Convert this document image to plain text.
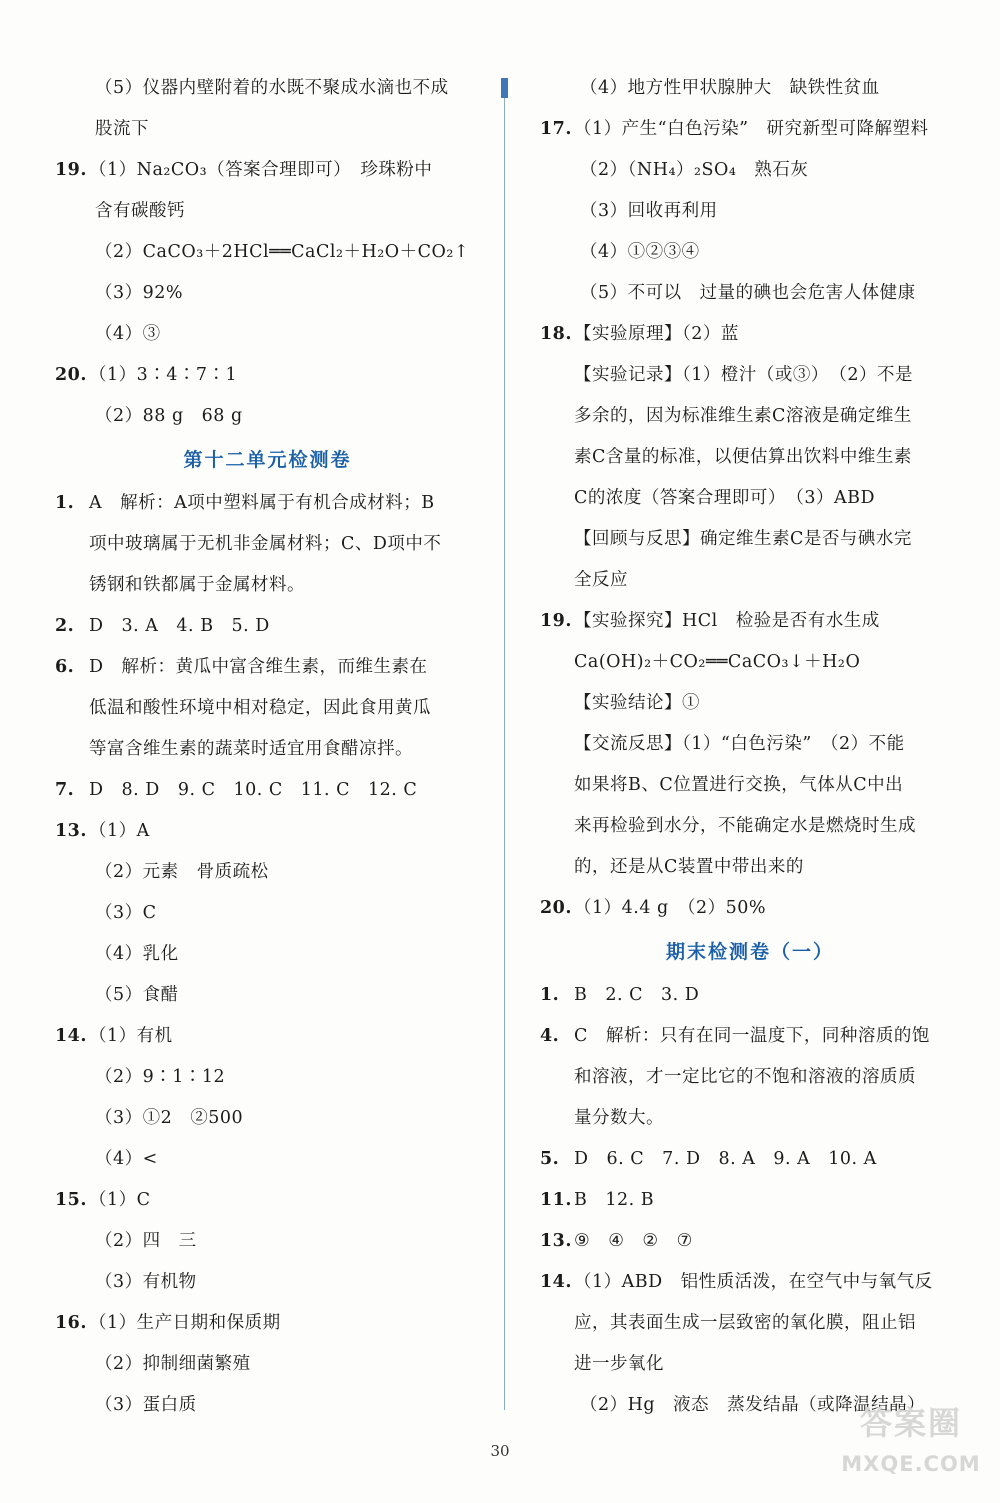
（5）仪器内壁附着的水既不聚成水滴也不成
股流下
19. （1）Na₂CO₃（答案合理即可）　珍珠粉中
含有碳酸钙
（2）CaCO₃＋2HCl══CaCl₂＋H₂O＋CO₂↑
（3）92%
（4）③
20. （1）3∶4∶7∶1
（2）88 g　68 g
第十二单元检测卷
1. A　解析：A项中塑料属于有机合成材料；B
项中玻璃属于无机非金属材料；C、D项中不
锈钢和铁都属于金属材料。
2. D　3. A　4. B　5. D
6. D　解析：黄瓜中富含维生素，而维生素在
低温和酸性环境中相对稳定，因此食用黄瓜
等富含维生素的蔬菜时适宜用食醋凉拌。
7. D　8. D　9. C　10. C　11. C　12. C
13. （1）A
（2）元素　骨质疏松
（3）C
（4）乳化
（5）食醋
14. （1）有机
（2）9∶1∶12
（3）①2　②500
（4）<
15. （1）C
（2）四　三
（3）有机物
16. （1）生产日期和保质期
（2）抑制细菌繁殖
（3）蛋白质
（4）地方性甲状腺肿大　缺铁性贫血
17. （1）产生“白色污染”　研究新型可降解塑料
（2）（NH₄）₂SO₄　熟石灰
（3）回收再利用
（4）①②③④
（5）不可以　过量的碘也会危害人体健康
18. 【实验原理】（2）蓝
【实验记录】（1）橙汁（或③）　（2）不是
多余的，因为标准维生素C溶液是确定维生
素C含量的标准，以便估算出饮料中维生素
C的浓度（答案合理即可）　（3）ABD
【回顾与反思】确定维生素C是否与碘水完
全反应
19. 【实验探究】HCl　检验是否有水生成
Ca(OH)₂＋CO₂══CaCO₃↓＋H₂O
【实验结论】①
【交流反思】（1）“白色污染”　（2）不能
如果将B、C位置进行交换，气体从C中出
来再检验到水分，不能确定水是燃烧时生成
的，还是从C装置中带出来的
20. （1）4.4 g　（2）50%
期末检测卷（一）
1. B　2. C　3. D
4. C　解析：只有在同一温度下，同种溶质的饱
和溶液，才一定比它的不饱和溶液的溶质质
量分数大。
5. D　6. C　7. D　8. A　9. A　10. A
11. B　12. B
13. ⑨　④　②　⑦
14. （1）ABD　铝性质活泼，在空气中与氧气反
应，其表面生成一层致密的氧化膜，阻止铝
进一步氧化
（2）Hg　液态　蒸发结晶（或降温结晶）
30
答案圈
MXQE.COM
